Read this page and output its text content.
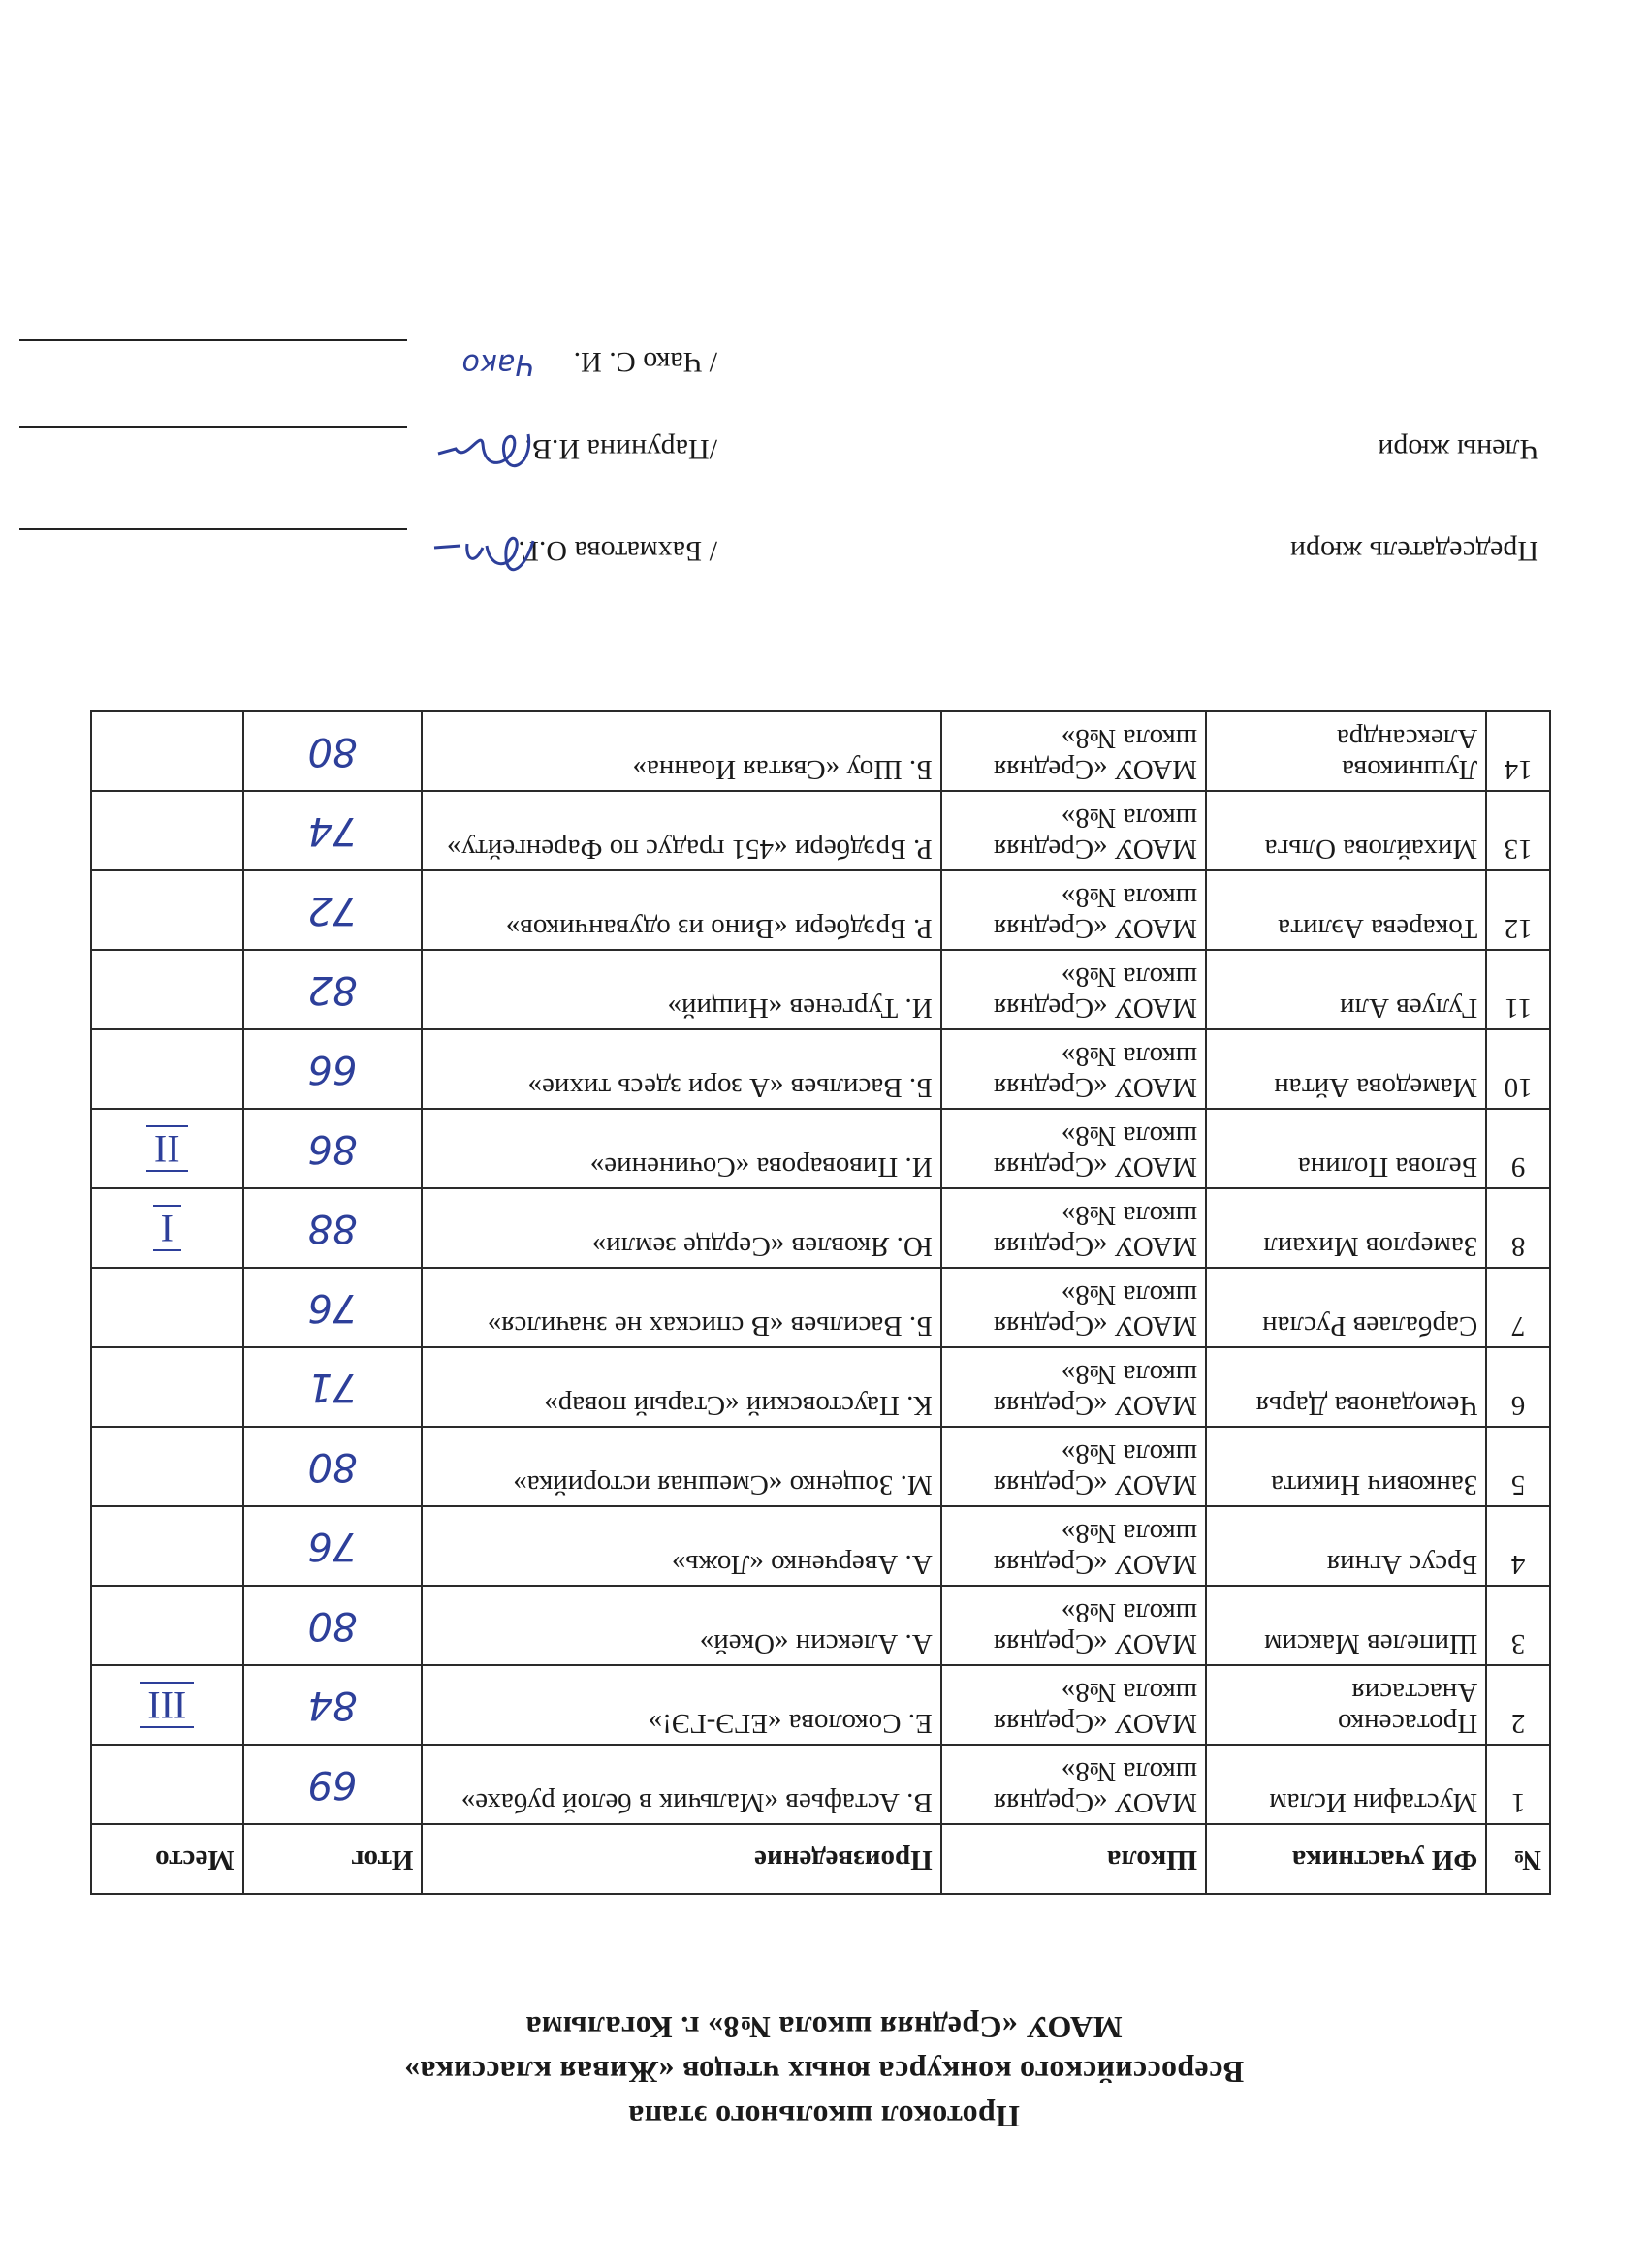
Протокол школьного этапа
Всероссийского конкурса юных чтецов «Живая классика»
МАОУ «Средняя школа №8» г. Когалыма
№	ФИ участника	Школа	Произведение	Итог	Место
1	Мустафин Ислам	МАОУ «Средняя школа №8»	В. Астафьев «Мальчик в белой рубахе»	69	
2	Протасенко Анастасия	МАОУ «Средняя школа №8»	Е. Соколова «ЕГЭ-ГЭ!»	84	III
3	Шипелев Максим	МАОУ «Средняя школа №8»	А. Алексин «Окей»	80	
4	Брсус Агния	МАОУ «Средняя школа №8»	А. Аверченко «Ложь»	76	
5	Занкович Никита	МАОУ «Средняя школа №8»	М. Зощенко «Смешная историйка»	80	
6	Чемоданова Дарья	МАОУ «Средняя школа №8»	К. Паустовский «Старый повар»	71	
7	Сарбалаев Руслан	МАОУ «Средняя школа №8»	Б. Васильев «В списках не значился»	76	
8	Замерлов Михаил	МАОУ «Средняя школа №8»	Ю. Яковлев «Сердце земли»	88	I
9	Белова Полина	МАОУ «Средняя школа №8»	И. Пивоварова «Сочинение»	86	II
10	Мамедова Айтан	МАОУ «Средняя школа №8»	Б. Васильев «А зори здесь тихие»	66	
11	Гулуев Али	МАОУ «Средняя школа №8»	И. Тургенев «Нищий»	82	
12	Токарева Аэлита	МАОУ «Средняя школа №8»	Р. Брэдбери «Вино из одуванчиков»	72	
13	Михайлова Ольга	МАОУ «Средняя школа №8»	Р. Брэдбери «451 градус по Фаренгейту»	74	
14	Лушникова Александра	МАОУ «Средняя школа №8»	Б. Шоу «Святая Иоанна»	80	
Председатель жюри
/ Бахматова О.Г.
Члены жюри
/Парунина И.В.
/ Чако С. И.
Чако
